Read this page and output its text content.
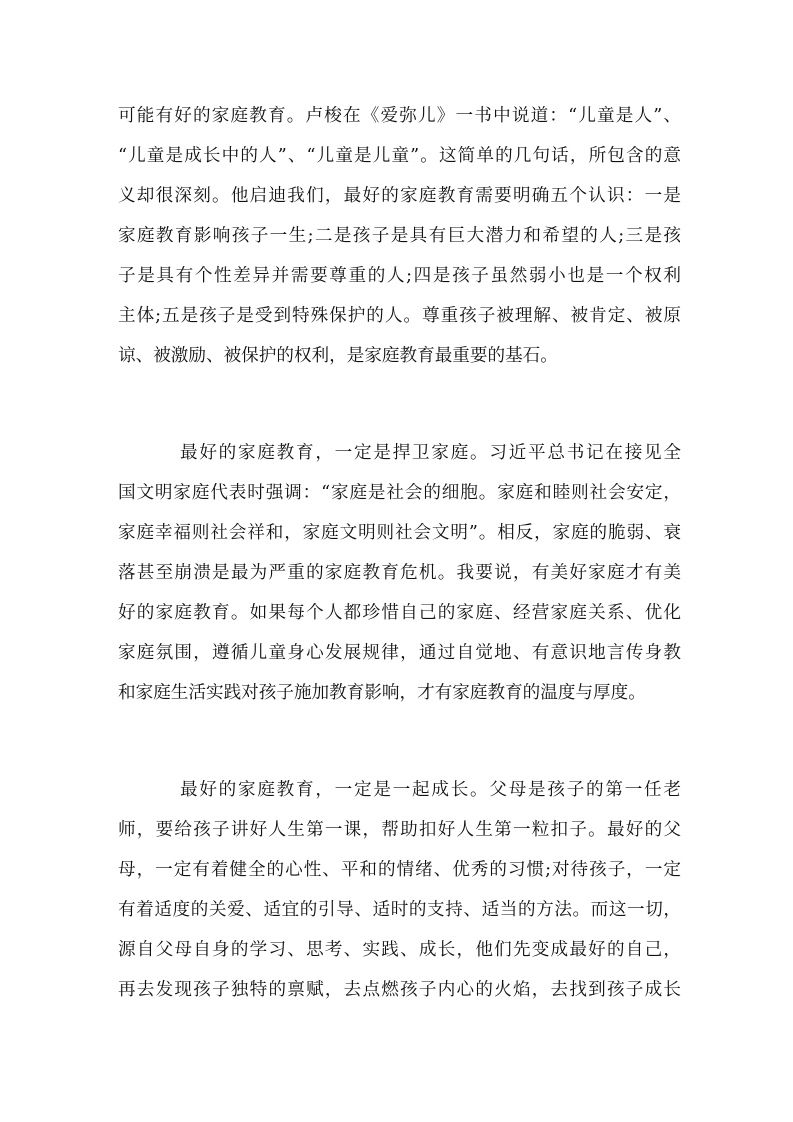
可能有好的家庭教育。卢梭在《爱弥儿》一书中说道：“儿童是人”、
“儿童是成长中的人”、“儿童是儿童”。这简单的几句话，所包含的意
义却很深刻。他启迪我们，最好的家庭教育需要明确五个认识：一是
家庭教育影响孩子一生;二是孩子是具有巨大潜力和希望的人;三是孩
子是具有个性差异并需要尊重的人;四是孩子虽然弱小也是一个权利
主体;五是孩子是受到特殊保护的人。尊重孩子被理解、被肯定、被原
谅、被激励、被保护的权利，是家庭教育最重要的基石。
最好的家庭教育，一定是捍卫家庭。习近平总书记在接见全
国文明家庭代表时强调：“家庭是社会的细胞。家庭和睦则社会安定，
家庭幸福则社会祥和，家庭文明则社会文明”。相反，家庭的脆弱、衰
落甚至崩溃是最为严重的家庭教育危机。我要说，有美好家庭才有美
好的家庭教育。如果每个人都珍惜自己的家庭、经营家庭关系、优化
家庭氛围，遵循儿童身心发展规律，通过自觉地、有意识地言传身教
和家庭生活实践对孩子施加教育影响，才有家庭教育的温度与厚度。
最好的家庭教育，一定是一起成长。父母是孩子的第一任老
师，要给孩子讲好人生第一课，帮助扣好人生第一粒扣子。最好的父
母，一定有着健全的心性、平和的情绪、优秀的习惯;对待孩子，一定
有着适度的关爱、适宜的引导、适时的支持、适当的方法。而这一切，
源自父母自身的学习、思考、实践、成长，他们先变成最好的自己，
再去发现孩子独特的禀赋，去点燃孩子内心的火焰，去找到孩子成长
